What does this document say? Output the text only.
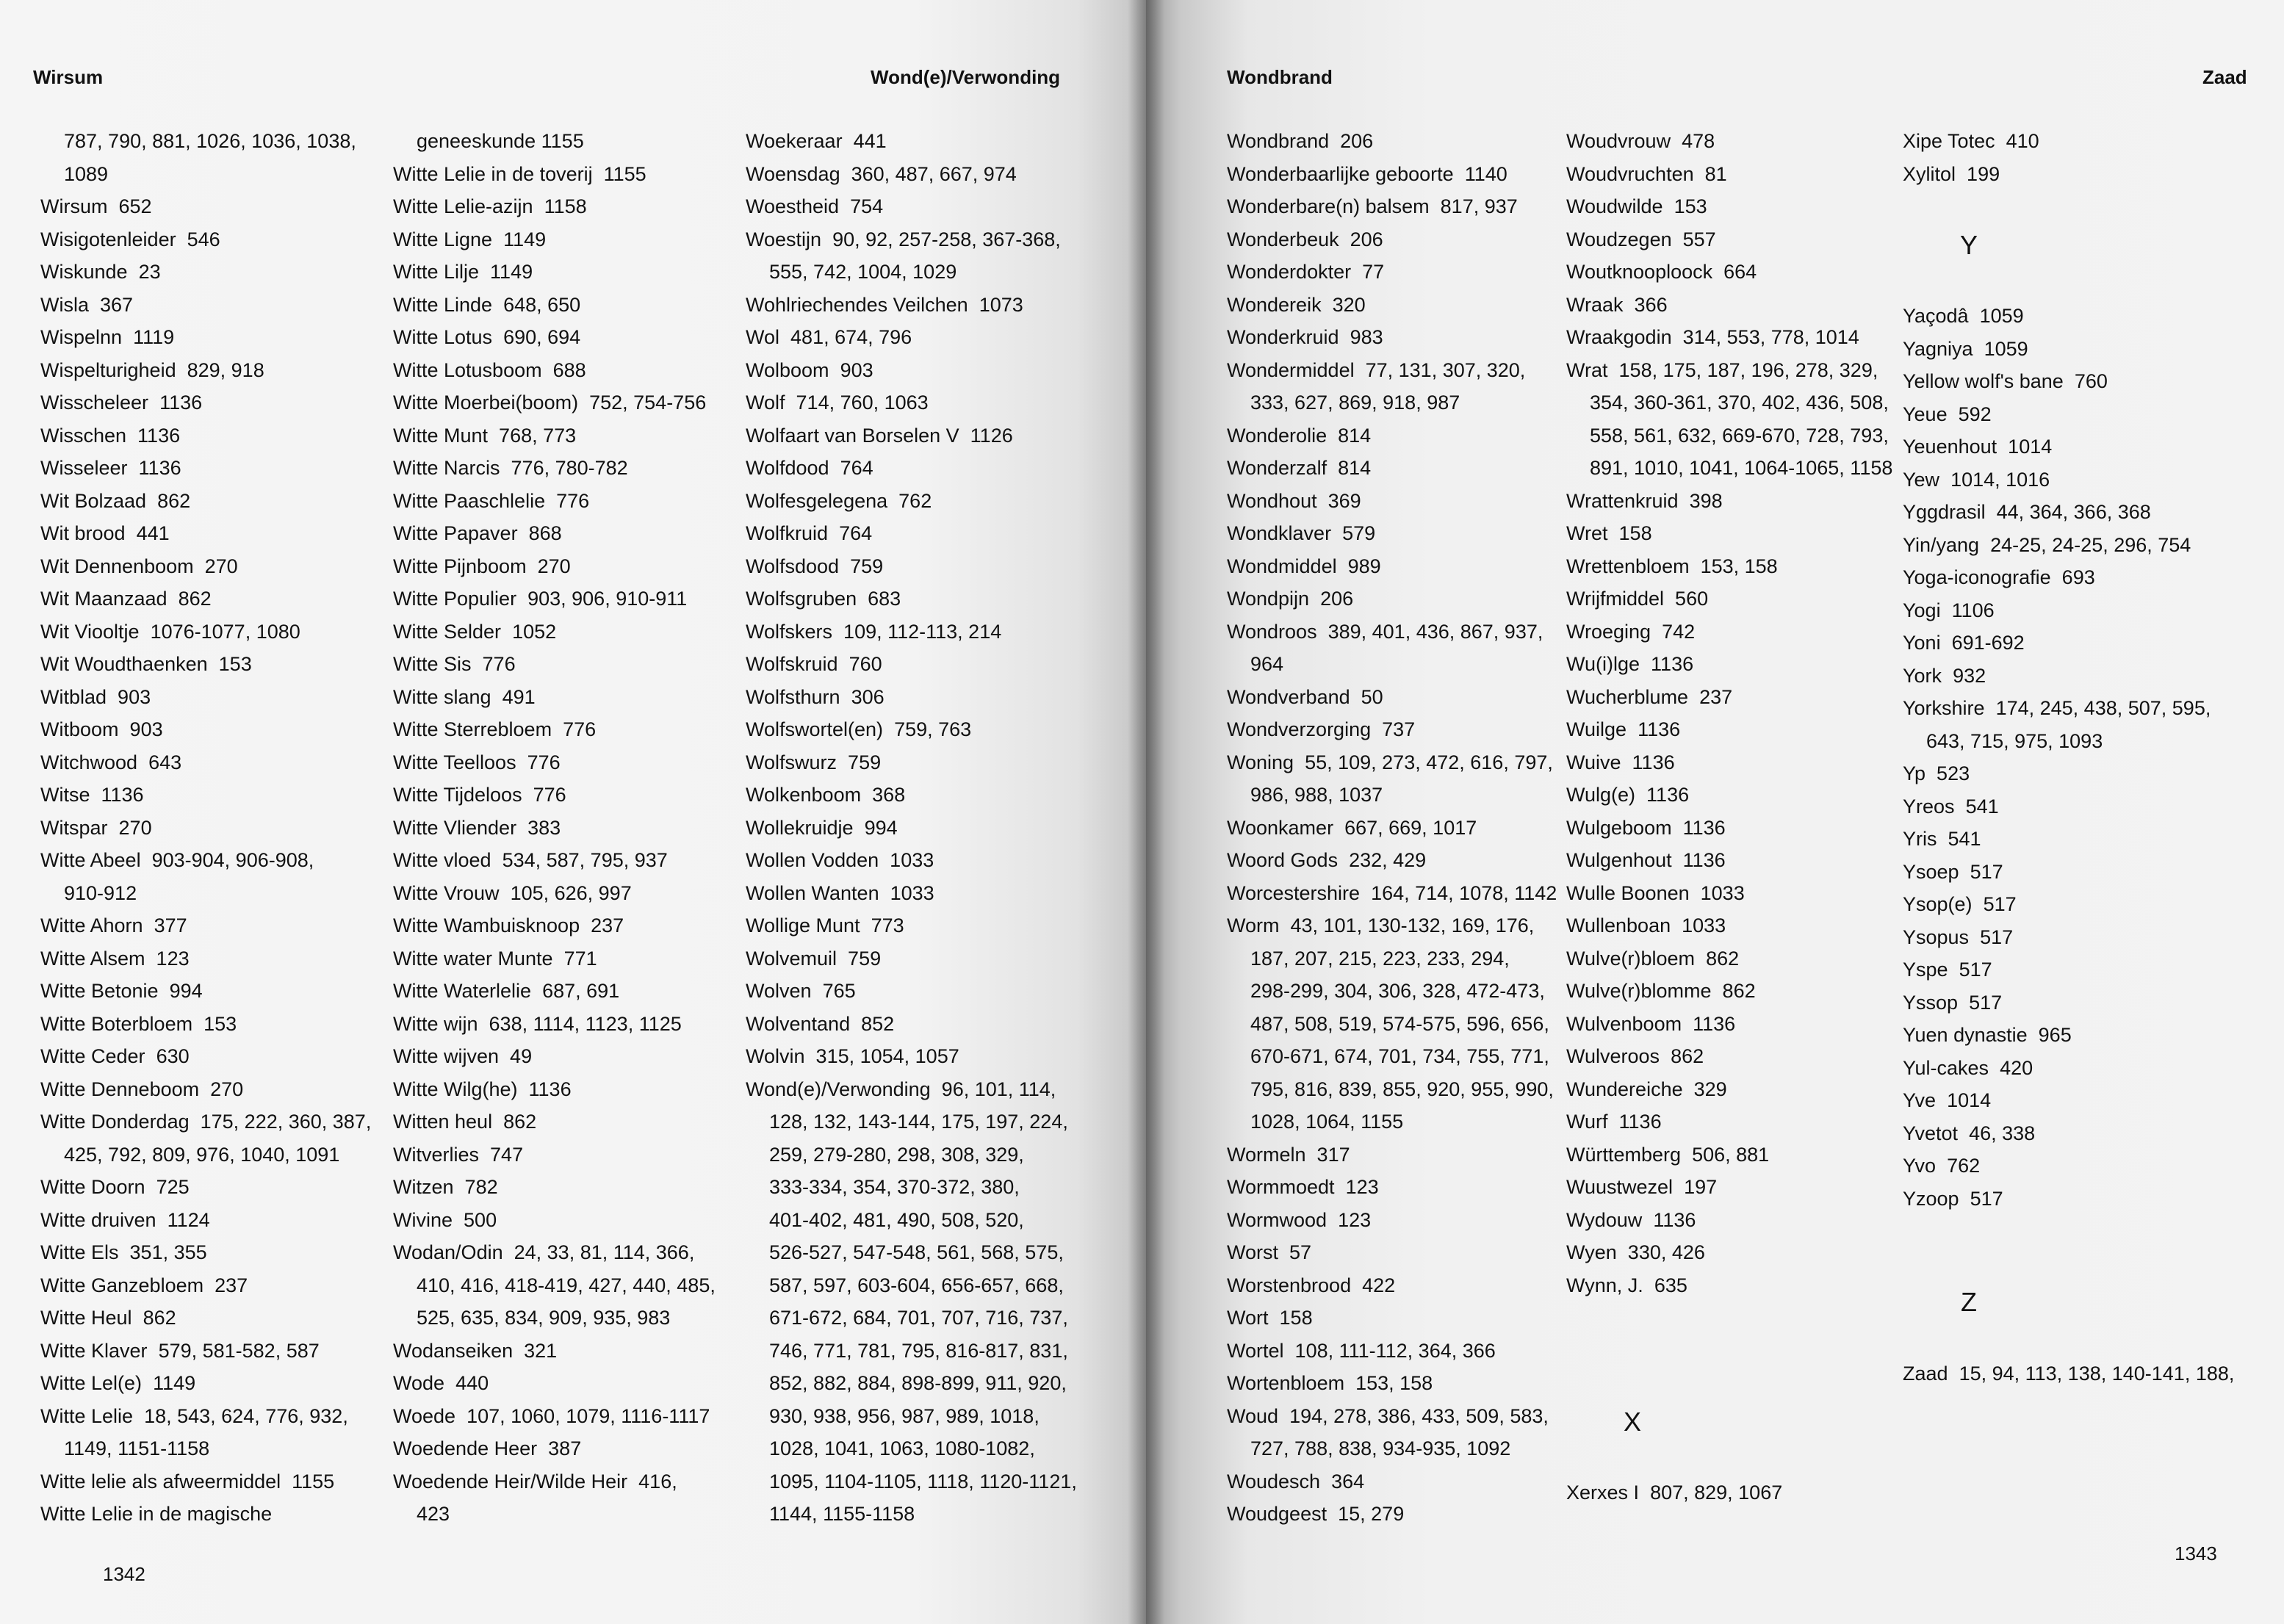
Wirsum	Wond(e)/Verwonding
787, 790, 881, 1026, 1036, 1038,
1089
Wirsum 652
Wisigotenleider 546
Wiskunde 23
Wisla 367
Wispelnn 1119
Wispelturigheid 829, 918
Wisscheleer 1136
Wisschen 1136
Wisseleer 1136
Wit Bolzaad 862
Wit brood 441
Wit Dennenboom 270
Wit Maanzaad 862
Wit Viooltje 1076-1077, 1080
Wit Woudthaenken 153
Witblad 903
Witboom 903
Witchwood 643
Witse 1136
Witspar 270
Witte Abeel 903-904, 906-908,
910-912
Witte Ahorn 377
Witte Alsem 123
Witte Betonie 994
Witte Boterbloem 153
Witte Ceder 630
Witte Denneboom 270
Witte Donderdag 175, 222, 360, 387,
425, 792, 809, 976, 1040, 1091
Witte Doorn 725
Witte druiven 1124
Witte Els 351, 355
Witte Ganzebloem 237
Witte Heul 862
Witte Klaver 579, 581-582, 587
Witte Lel(e) 1149
Witte Lelie 18, 543, 624, 776, 932,
1149, 1151-1158
Witte lelie als afweermiddel 1155
Witte Lelie in de magische
geneeskunde 1155
Witte Lelie in de toverij 1155
Witte Lelie-azijn 1158
Witte Ligne 1149
Witte Lilje 1149
Witte Linde 648, 650
Witte Lotus 690, 694
Witte Lotusboom 688
Witte Moerbei(boom) 752, 754-756
Witte Munt 768, 773
Witte Narcis 776, 780-782
Witte Paaschlelie 776
Witte Papaver 868
Witte Pijnboom 270
Witte Populier 903, 906, 910-911
Witte Selder 1052
Witte Sis 776
Witte slang 491
Witte Sterrebloem 776
Witte Teelloos 776
Witte Tijdeloos 776
Witte Vliender 383
Witte vloed 534, 587, 795, 937
Witte Vrouw 105, 626, 997
Witte Wambuisknoop 237
Witte water Munte 771
Witte Waterlelie 687, 691
Witte wijn 638, 1114, 1123, 1125
Witte wijven 49
Witte Wilg(he) 1136
Witten heul 862
Witverlies 747
Witzen 782
Wivine 500
Wodan/Odin 24, 33, 81, 114, 366,
410, 416, 418-419, 427, 440, 485,
525, 635, 834, 909, 935, 983
Wodanseiken 321
Wode 440
Woede 107, 1060, 1079, 1116-1117
Woedende Heer 387
Woedende Heir/Wilde Heir 416,
423
Woekeraar 441
Woensdag 360, 487, 667, 974
Woestheid 754
Woestijn 90, 92, 257-258, 367-368,
555, 742, 1004, 1029
Wohlriechendes Veilchen 1073
Wol 481, 674, 796
Wolboom 903
Wolf 714, 760, 1063
Wolfaart van Borselen V 1126
Wolfdood 764
Wolfesgelegena 762
Wolfkruid 764
Wolfsdood 759
Wolfsgruben 683
Wolfskers 109, 112-113, 214
Wolfskruid 760
Wolfsthurn 306
Wolfswortel(en) 759, 763
Wolfswurz 759
Wolkenboom 368
Wollekruidje 994
Wollen Vodden 1033
Wollen Wanten 1033
Wollige Munt 773
Wolvemuil 759
Wolven 765
Wolventand 852
Wolvin 315, 1054, 1057
Wond(e)/Verwonding 96, 101, 114,
128, 132, 143-144, 175, 197, 224,
259, 279-280, 298, 308, 329,
333-334, 354, 370-372, 380,
401-402, 481, 490, 508, 520,
526-527, 547-548, 561, 568, 575,
587, 597, 603-604, 656-657, 668,
671-672, 684, 701, 707, 716, 737,
746, 771, 781, 795, 816-817, 831,
852, 882, 884, 898-899, 911, 920,
930, 938, 956, 987, 989, 1018,
1028, 1041, 1063, 1080-1082,
1095, 1104-1105, 1118, 1120-1121,
1144, 1155-1158
1342
Wondbrand	Zaad
Wondbrand 206
Wonderbaarlijke geboorte 1140
Wonderbare(n) balsem 817, 937
Wonderbeuk 206
Wonderdokter 77
Wondereik 320
Wonderkruid 983
Wondermiddel 77, 131, 307, 320,
333, 627, 869, 918, 987
Wonderolie 814
Wonderzalf 814
Wondhout 369
Wondklaver 579
Wondmiddel 989
Wondpijn 206
Wondroos 389, 401, 436, 867, 937,
964
Wondverband 50
Wondverzorging 737
Woning 55, 109, 273, 472, 616, 797,
986, 988, 1037
Woonkamer 667, 669, 1017
Woord Gods 232, 429
Worcestershire 164, 714, 1078, 1142
Worm 43, 101, 130-132, 169, 176,
187, 207, 215, 223, 233, 294,
298-299, 304, 306, 328, 472-473,
487, 508, 519, 574-575, 596, 656,
670-671, 674, 701, 734, 755, 771,
795, 816, 839, 855, 920, 955, 990,
1028, 1064, 1155
Wormeln 317
Wormmoedt 123
Wormwood 123
Worst 57
Worstenbrood 422
Wort 158
Wortel 108, 111-112, 364, 366
Wortenbloem 153, 158
Woud 194, 278, 386, 433, 509, 583,
727, 788, 838, 934-935, 1092
Woudesch 364
Woudgeest 15, 279
Woudvrouw 478
Woudvruchten 81
Woudwilde 153
Woudzegen 557
Woutknooploock 664
Wraak 366
Wraakgodin 314, 553, 778, 1014
Wrat 158, 175, 187, 196, 278, 329,
354, 360-361, 370, 402, 436, 508,
558, 561, 632, 669-670, 728, 793,
891, 1010, 1041, 1064-1065, 1158
Wrattenkruid 398
Wret 158
Wrettenbloem 153, 158
Wrijfmiddel 560
Wroeging 742
Wu(i)lge 1136
Wucherblume 237
Wuilge 1136
Wuive 1136
Wulg(e) 1136
Wulgeboom 1136
Wulgenhout 1136
Wulle Boonen 1033
Wullenboan 1033
Wulve(r)bloem 862
Wulve(r)blomme 862
Wulvenboom 1136
Wulveroos 862
Wundereiche 329
Wurf 1136
Württemberg 506, 881
Wuustwezel 197
Wydouw 1136
Wyen 330, 426
Wynn, J. 635
X
Xerxes I 807, 829, 1067
Xipe Totec 410
Xylitol 199
Y
Yaçodâ 1059
Yagniya 1059
Yellow wolf's bane 760
Yeue 592
Yeuenhout 1014
Yew 1014, 1016
Yggdrasil 44, 364, 366, 368
Yin/yang 24-25, 24-25, 296, 754
Yoga-iconografie 693
Yogi 1106
Yoni 691-692
York 932
Yorkshire 174, 245, 438, 507, 595,
643, 715, 975, 1093
Yp 523
Yreos 541
Yris 541
Ysoep 517
Ysop(e) 517
Ysopus 517
Yspe 517
Yssop 517
Yuen dynastie 965
Yul-cakes 420
Yve 1014
Yvetot 46, 338
Yvo 762
Yzoop 517
Z
Zaad 15, 94, 113, 138, 140-141, 188,
1343
